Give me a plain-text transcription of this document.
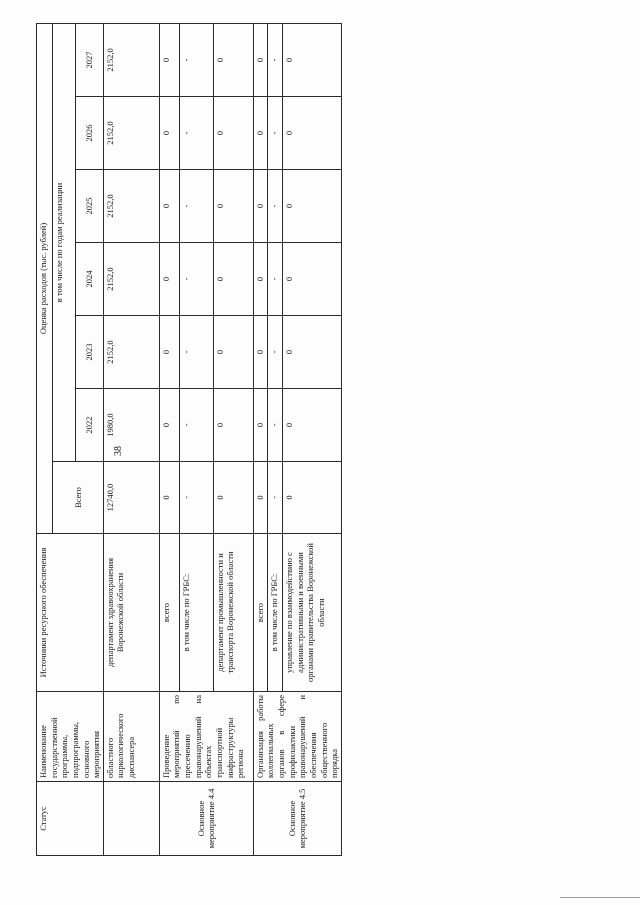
38
Статус	Наименование государственной программы, подпрограммы, основного мероприятия	Источники ресурсного обеспечения	Оценка расходов (тыс. рублей)						
			Всего	в том числе по годам реализации					
				2022	2023	2024	2025	2026	2027
	областного наркологического диспансера	департамент здравоохранения Воронежской области	12740,0	1980,0	2152,0	2152,0	2152,0	2152,0	2152,0
Основное мероприятие 4.4	Проведение мероприятий по пресечению правонарушений на объектах транспортной инфраструктуры региона	всего	0	0	0	0	0	0	0
		в том числе по ГРБС:	-	-	-	-	-	-	-
		департамент промышленности и транспорта Воронежской области	0	0	0	0	0	0	0
Основное мероприятие 4.5	Организация работы коллегиальных органов в сфере профилактики правонарушений и обеспечения общественного порядка	всего	0	0	0	0	0	0	0
		в том числе по ГРБС:	-	-	-	-	-	-	-
		управление по взаимодействию с административными и военными органами правительства Воронежской области	0	0	0	0	0	0	0
